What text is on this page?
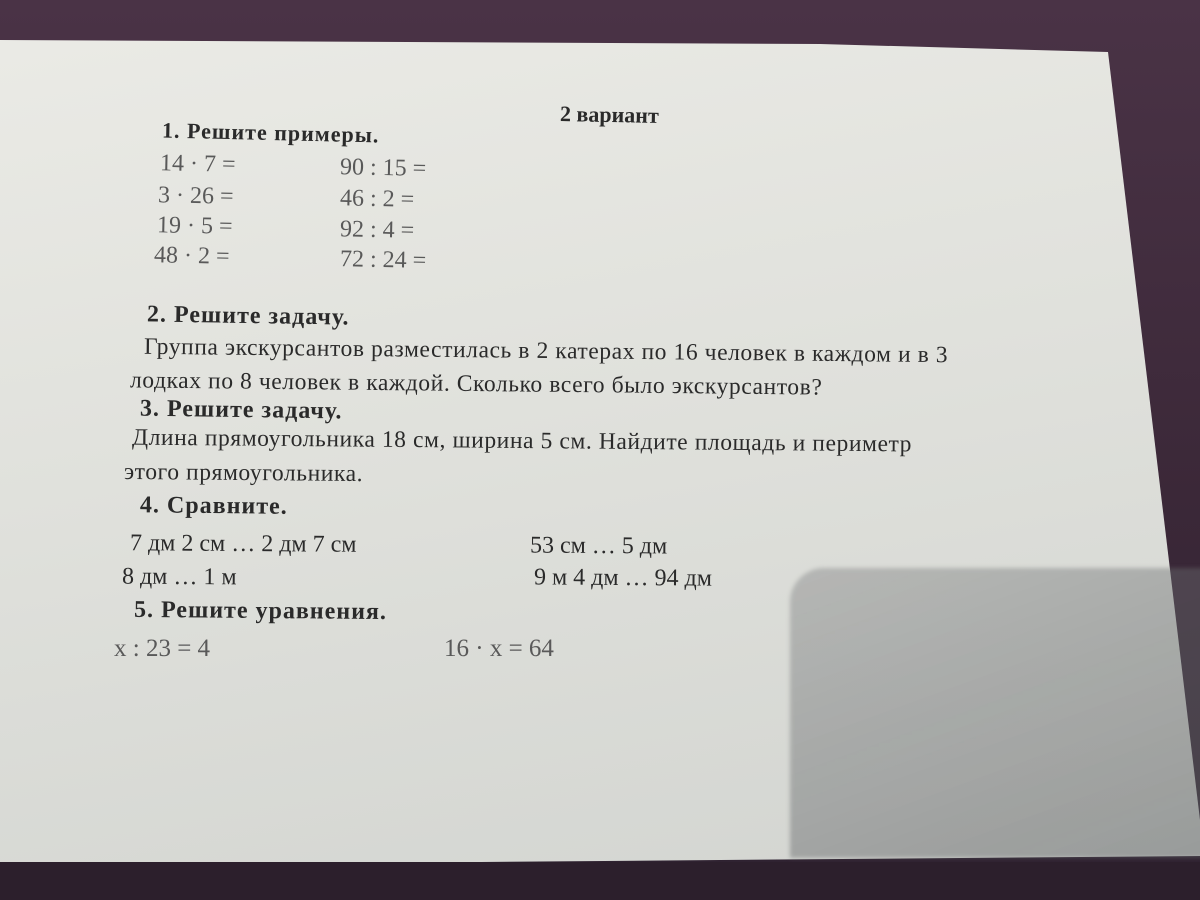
2 вариант
1. Решите примеры.
14 · 7 =
3 · 26 =
19 · 5 =
48 · 2 =
90 : 15 =
46 : 2 =
92 : 4 =
72 : 24 =
2. Решите задачу.
Группа экскурсантов разместилась в 2 катерах по 16 человек в каждом и в 3
лодках по 8 человек в каждой. Сколько всего было экскурсантов?
3. Решите задачу.
Длина прямоугольника 18 см, ширина 5 см. Найдите площадь и периметр
этого прямоугольника.
4. Сравните.
7 дм 2 см … 2 дм 7 см
8 дм … 1 м
53 см … 5 дм
9 м 4 дм … 94 дм
5. Решите уравнения.
х : 23 = 4	16 · х = 64
